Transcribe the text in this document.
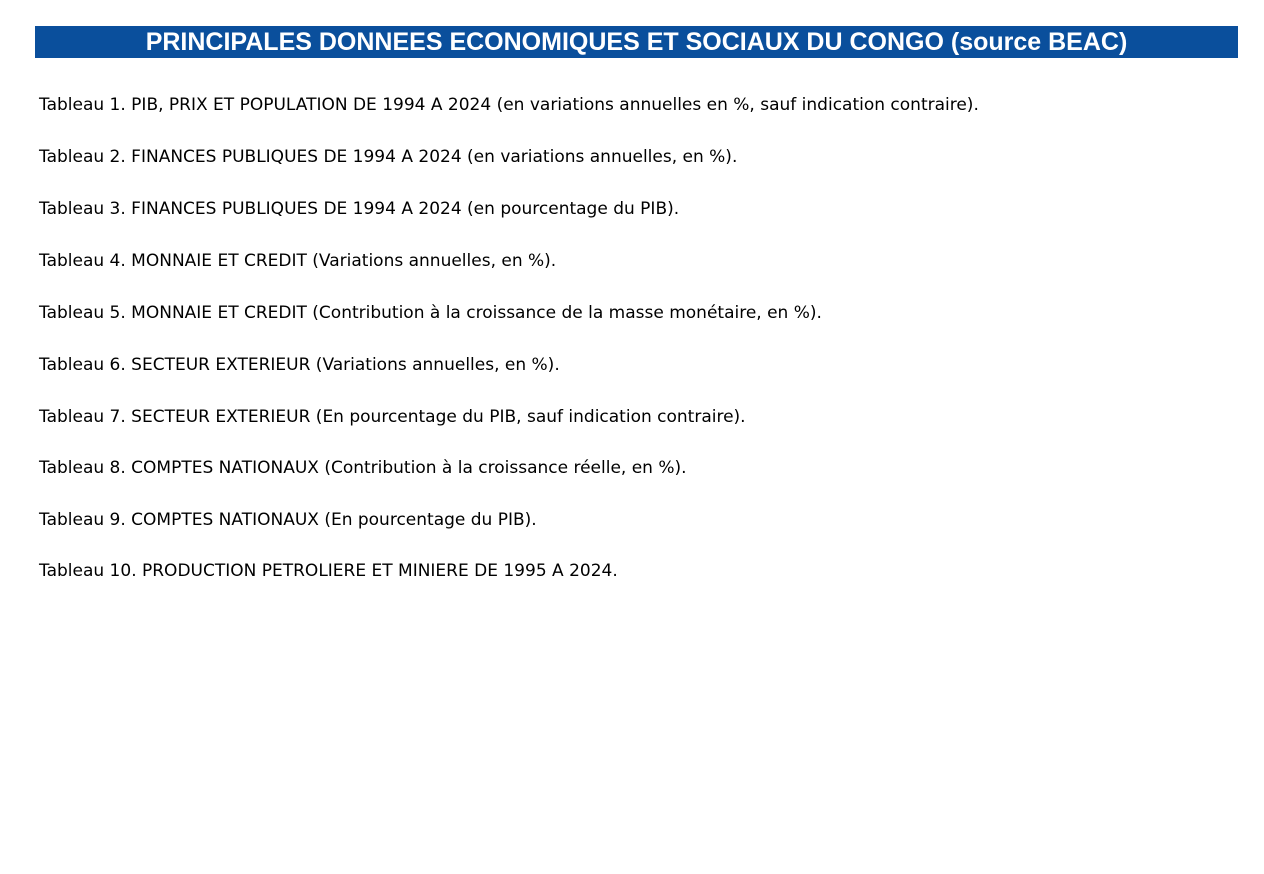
PRINCIPALES DONNEES ECONOMIQUES ET SOCIAUX DU CONGO (source BEAC)
Tableau 1. PIB, PRIX ET POPULATION DE 1994 A 2024 (en variations annuelles en %, sauf indication contraire).
Tableau 2. FINANCES PUBLIQUES DE 1994 A 2024 (en variations annuelles, en %).
Tableau 3. FINANCES PUBLIQUES DE 1994 A 2024 (en pourcentage du PIB).
Tableau 4. MONNAIE ET CREDIT (Variations annuelles, en %).
Tableau 5. MONNAIE ET CREDIT (Contribution à la croissance de la masse monétaire, en %).
Tableau 6. SECTEUR EXTERIEUR (Variations annuelles, en %).
Tableau 7. SECTEUR EXTERIEUR (En pourcentage du PIB, sauf indication contraire).
Tableau 8. COMPTES NATIONAUX (Contribution à la croissance réelle, en %).
Tableau 9. COMPTES NATIONAUX (En pourcentage du PIB).
Tableau 10. PRODUCTION PETROLIERE ET MINIERE DE 1995 A 2024.
